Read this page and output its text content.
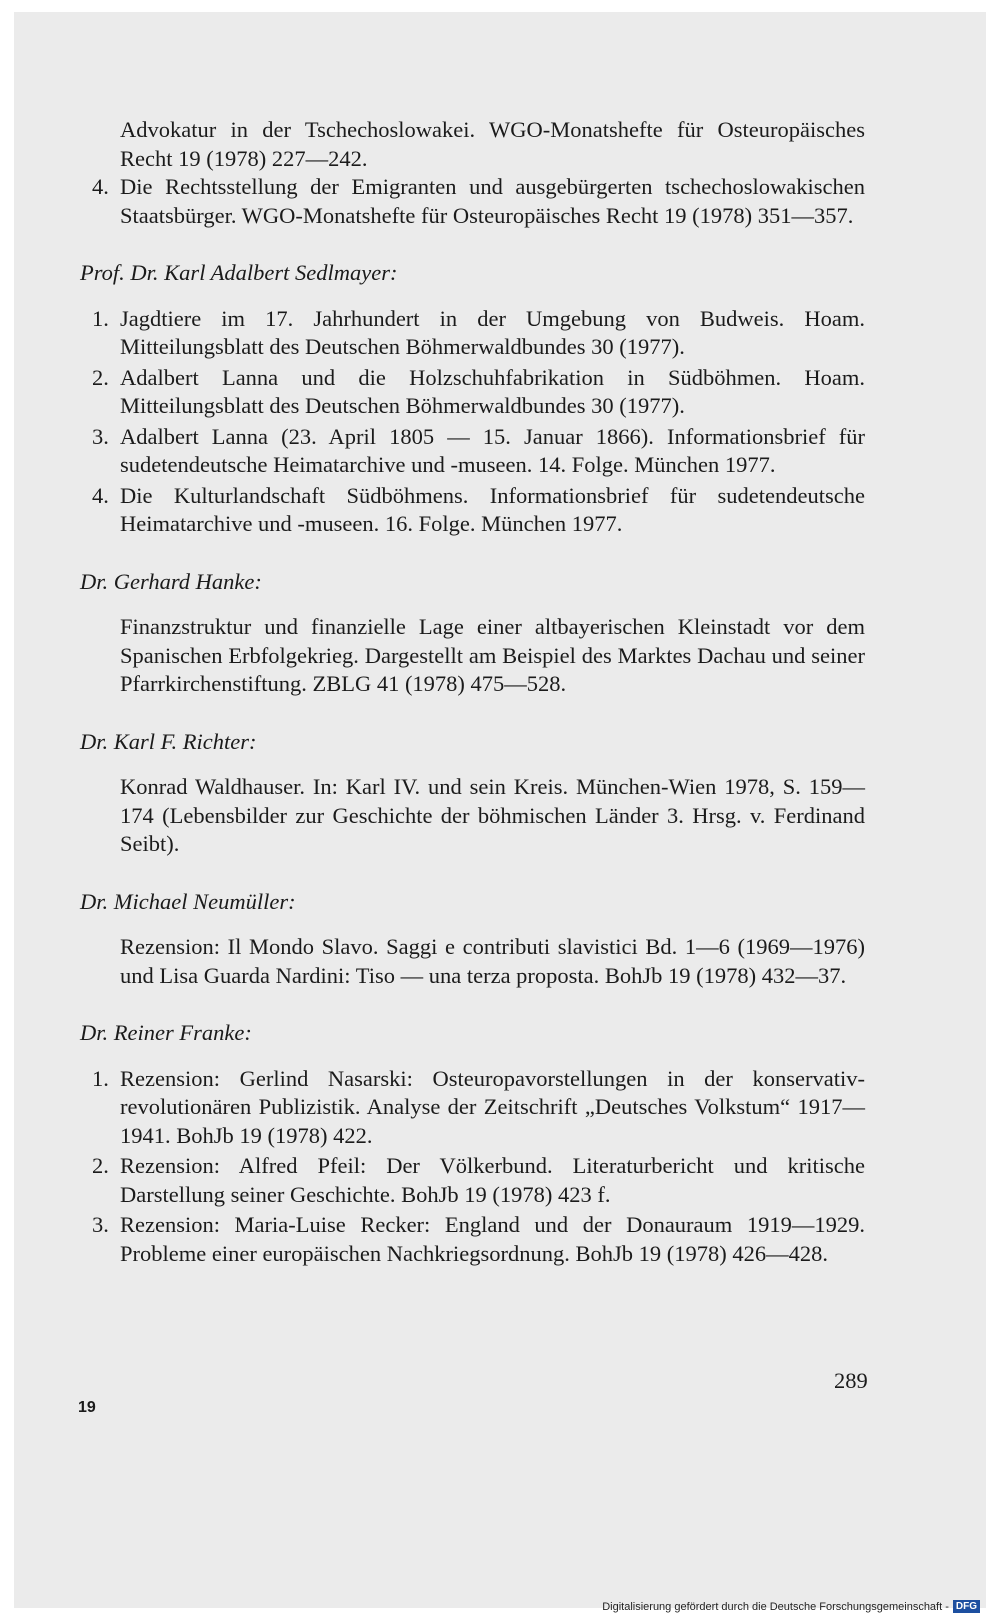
Advokatur in der Tschechoslowakei. WGO-Monatshefte für Osteuropäisches Recht 19 (1978) 227—242.
4. Die Rechtsstellung der Emigranten und ausgebürgerten tschechoslowakischen Staatsbürger. WGO-Monatshefte für Osteuropäisches Recht 19 (1978) 351—357.
Prof. Dr. Karl Adalbert Sedlmayer:
1. Jagdtiere im 17. Jahrhundert in der Umgebung von Budweis. Hoam. Mitteilungsblatt des Deutschen Böhmerwaldbundes 30 (1977).
2. Adalbert Lanna und die Holzschuhfabrikation in Südböhmen. Hoam. Mitteilungsblatt des Deutschen Böhmerwaldbundes 30 (1977).
3. Adalbert Lanna (23. April 1805 — 15. Januar 1866). Informationsbrief für sudetendeutsche Heimatarchive und -museen. 14. Folge. München 1977.
4. Die Kulturlandschaft Südböhmens. Informationsbrief für sudetendeutsche Heimatarchive und -museen. 16. Folge. München 1977.
Dr. Gerhard Hanke:
Finanzstruktur und finanzielle Lage einer altbayerischen Kleinstadt vor dem Spanischen Erbfolgekrieg. Dargestellt am Beispiel des Marktes Dachau und seiner Pfarrkirchenstiftung. ZBLG 41 (1978) 475—528.
Dr. Karl F. Richter:
Konrad Waldhauser. In: Karl IV. und sein Kreis. München-Wien 1978, S. 159—174 (Lebensbilder zur Geschichte der böhmischen Länder 3. Hrsg. v. Ferdinand Seibt).
Dr. Michael Neumüller:
Rezension: Il Mondo Slavo. Saggi e contributi slavistici Bd. 1—6 (1969—1976) und Lisa Guarda Nardini: Tiso — una terza proposta. BohJb 19 (1978) 432—37.
Dr. Reiner Franke:
1. Rezension: Gerlind Nasarski: Osteuropavorstellungen in der konservativ-revolutionären Publizistik. Analyse der Zeitschrift „Deutsches Volkstum“ 1917—1941. BohJb 19 (1978) 422.
2. Rezension: Alfred Pfeil: Der Völkerbund. Literaturbericht und kritische Darstellung seiner Geschichte. BohJb 19 (1978) 423 f.
3. Rezension: Maria-Luise Recker: England und der Donauraum 1919—1929. Probleme einer europäischen Nachkriegsordnung. BohJb 19 (1978) 426—428.
289
19
Digitalisierung gefördert durch die Deutsche Forschungsgemeinschaft - DFG
